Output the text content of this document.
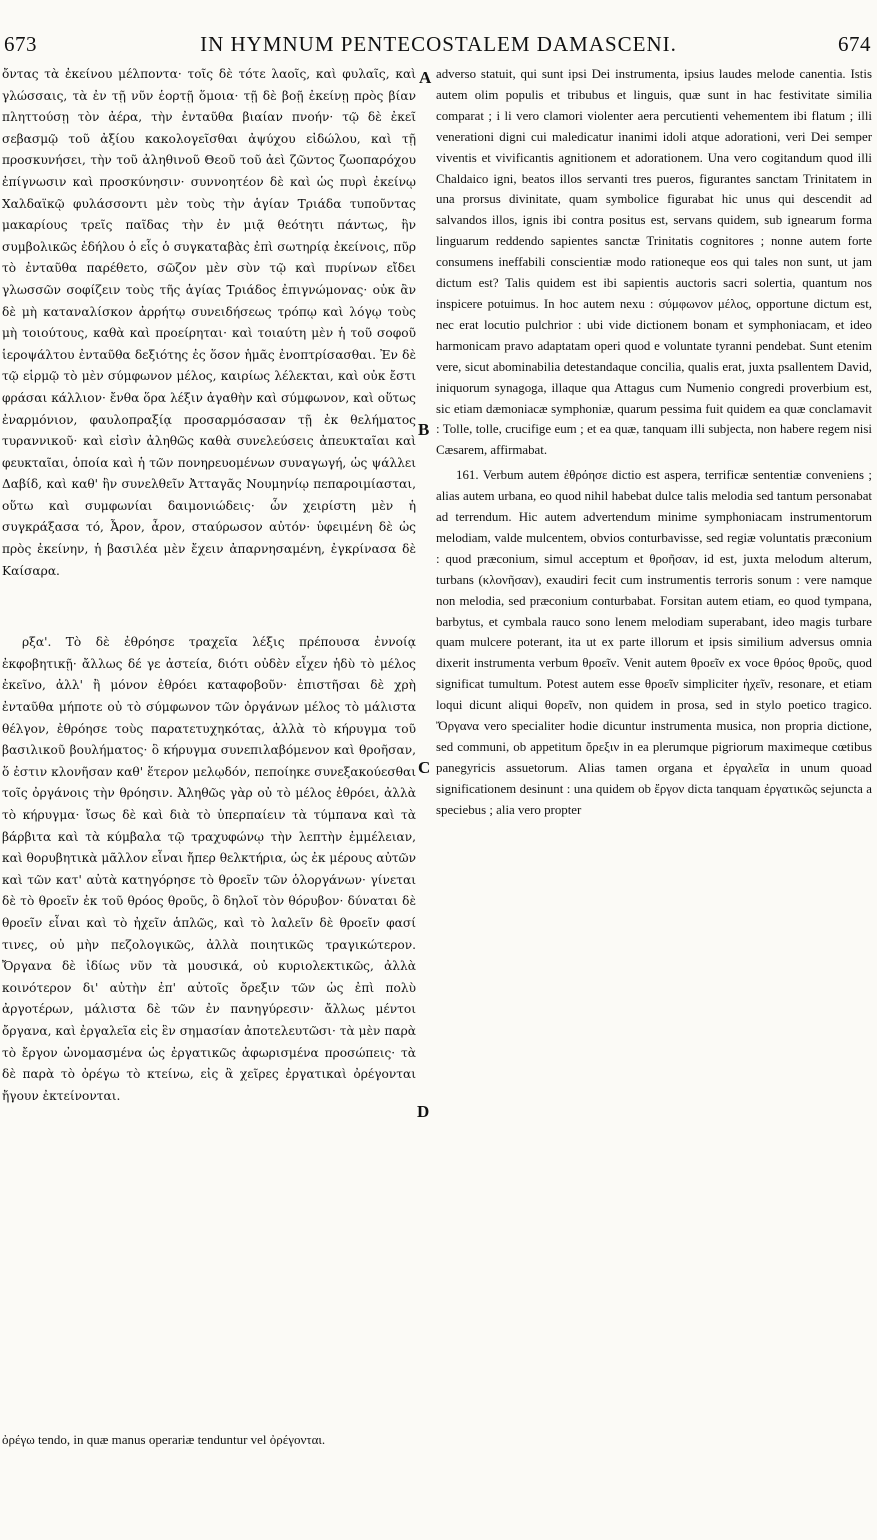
673	IN HYMNUM PENTECOSTALEM DAMASCENI.	674

ὄντας τὰ ἐκείνου μέλποντα· τοῖς δὲ τότε λαοῖς, καὶ φυλαῖς, καὶ γλώσσαις, τὰ ἐν τῇ νῦν ἑορτῇ ὅμοια· τῇ δὲ βοῇ ἐκείνῃ πρὸς βίαν πληττούσῃ τὸν ἀέρα, τὴν ἐνταῦθα βιαίαν πνοήν· τῷ δὲ ἐκεῖ σεβασμῷ τοῦ ἀξίου κακολογεῖσθαι ἀψύχου εἰδώλου, καὶ τῇ προσκυνήσει, τὴν τοῦ ἀληθινοῦ Θεοῦ τοῦ ἀεὶ ζῶντος ζωοπαρόχου ἐπίγνωσιν καὶ προσκύνησιν· συννοητέον δὲ καὶ ὡς πυρὶ ἐκείνῳ Χαλδαϊκῷ φυλάσσοντι μὲν τοὺς τὴν ἁγίαν Τριάδα τυποῦντας μακαρίους τρεῖς παῖδας τὴν ἐν μιᾷ θεότητι πάντως, ἣν συμβολικῶς ἐδήλου ὁ εἷς ὁ συγκαταβὰς ἐπὶ σωτηρίᾳ ἐκείνοις, πῦρ τὸ ἐνταῦθα παρέθετο, σῶζον μὲν σὺν τῷ καὶ πυρίνων εἴδει γλωσσῶν σοφίζειν τοὺς τῆς ἁγίας Τριάδος ἐπιγνώμονας· οὐκ ἂν δὲ μὴ καταναλίσκον ἀρρήτῳ συνειδήσεως τρόπῳ καὶ λόγῳ τοὺς μὴ τοιούτους, καθὰ καὶ προείρηται· καὶ τοιαύτη μὲν ἡ τοῦ σοφοῦ ἱεροψάλτου ἐνταῦθα δεξιότης ἐς ὅσον ἡμᾶς ἐνοπτρίσασθαι. Ἐν δὲ τῷ εἱρμῷ τὸ μὲν σύμφωνον μέλος, καιρίως λέλεκται, καὶ οὐκ ἔστι φράσαι κάλλιον· ἔνθα ὅρα λέξιν ἀγαθὴν καὶ σύμφωνον, καὶ οὕτως ἐναρμόνιον, φαυλοπραξίᾳ προσαρμόσασαν τῇ ἐκ θελήματος τυραννικοῦ· καὶ εἰσὶν ἀληθῶς καθὰ συνελεύσεις ἀπευκταῖαι καὶ φευκταῖαι, ὁποία καὶ ἡ τῶν πονηρευομένων συναγωγή, ὡς ψάλλει Δαβίδ, καὶ καθ' ἣν συνελθεῖν Ἀτταγᾶς Νουμηνίῳ πεπαροιμίασται, οὕτω καὶ συμφωνίαι δαιμονιώδεις· ὧν χειρίστη μὲν ἡ συγκράξασα τό, Ἆρον, ἆρον, σταύρωσον αὐτόν· ὑφειμένη δὲ ὡς πρὸς ἐκείνην, ἡ βασιλέα μὲν ἔχειν ἀπαρνησαμένη, ἐγκρίνασα δὲ Καίσαρα.

ρξα'. Τὸ δὲ ἐθρόησε τραχεῖα λέξις πρέπουσα ἐννοίᾳ ἐκφοβητικῇ· ἄλλως δέ γε ἀστεία, διότι οὐδὲν εἶχεν ἡδὺ τὸ μέλος ἐκεῖνο, ἀλλ' ἢ μόνον ἐθρόει καταφοβοῦν· ἐπιστῆσαι δὲ χρὴ ἐνταῦθα μήποτε οὐ τὸ σύμφωνον τῶν ὀργάνων μέλος τὸ μάλιστα θέλγον, ἐθρόησε τοὺς παρατετυχηκότας, ἀλλὰ τὸ κήρυγμα τοῦ βασιλικοῦ βουλήματος· ὃ κήρυγμα συνεπιλαβόμενον καὶ θροῆσαν, ὅ ἐστιν κλονῆσαν καθ' ἕτερον μελῳδόν, πεποίηκε συνεξακούεσθαι τοῖς ὀργάνοις τὴν θρόησιν. Ἀληθῶς γὰρ οὐ τὸ μέλος ἐθρόει, ἀλλὰ τὸ κήρυγμα· ἴσως δὲ καὶ διὰ τὸ ὑπερπαίειν τὰ τύμπανα καὶ τὰ βάρβιτα καὶ τὰ κύμβαλα τῷ τραχυφώνῳ τὴν λεπτὴν ἐμμέλειαν, καὶ θορυβητικὰ μᾶλλον εἶναι ἤπερ θελκτήρια, ὡς ἐκ μέρους αὐτῶν καὶ τῶν κατ' αὐτὰ κατηγόρησε τὸ θροεῖν τῶν ὁλοργάνων· γίνεται δὲ τὸ θροεῖν ἐκ τοῦ θρόος θροῦς, ὃ δηλοῖ τὸν θόρυβον· δύναται δὲ θροεῖν εἶναι καὶ τὸ ἠχεῖν ἁπλῶς, καὶ τὸ λαλεῖν δὲ θροεῖν φασί τινες, οὐ μὴν πεζολογικῶς, ἀλλὰ ποιητικῶς τραγικώτερον. Ὄργανα δὲ ἰδίως νῦν τὰ μουσικά, οὐ κυριολεκτικῶς, ἀλλὰ κοινότερον δι' αὐτὴν ἐπ' αὐτοῖς ὄρεξιν τῶν ὡς ἐπὶ πολὺ ἀργοτέρων, μάλιστα δὲ τῶν ἐν πανηγύρεσιν· ἄλλως μέντοι ὄργανα, καὶ ἐργαλεῖα εἰς ἓν σημασίαν ἀποτελευτῶσι· τὰ μὲν παρὰ τὸ ἔργον ὠνομασμένα ὡς ἐργατικῶς ἀφωρισμένα προσώπεις· τὰ δὲ παρὰ τὸ ὀρέγω τὸ κτείνω, εἰς ἃ χεῖρες ἐργατικαὶ ὀρέγονται ἤγουν ἐκτείνονται.

A
B
C
D

adverso statuit, qui sunt ipsi Dei instrumenta, ipsius laudes melode canentia. Istis autem olim populis et tribubus et linguis, quæ sunt in hac festivitate similia comparat ; i li vero clamori violenter aera percutienti vehementem ibi flatum ; illi venerationi digni cui maledicatur inanimi idoli atque adorationi, veri Dei semper viventis et vivificantis agnitionem et adorationem. Una vero cogitandum quod illi Chaldaico igni, beatos illos servanti tres pueros, figurantes sanctam Trinitatem in una prorsus divinitate, quam symbolice figurabat hic unus qui descendit ad salvandos illos, ignis ibi contra positus est, servans quidem, sub ignearum forma linguarum reddendo sapientes sanctæ Trinitatis cognitores ; nonne autem forte consumens ineffabili conscientiæ modo rationeque eos qui tales non sunt, ut jam dictum est? Talis quidem est ibi sapientis auctoris sacri solertia, quantum nos inspicere potuimus. In hoc autem nexu : σύμφωνον μέλος, opportune dictum est, nec erat locutio pulchrior : ubi vide dictionem bonam et symphoniacam, et ideo harmonicam pravo adaptatam operi quod e voluntate tyranni pendebat. Sunt etenim vere, sicut abominabilia detestandaque concilia, qualis erat, juxta psallentem David, iniquorum synagoga, illaque qua Attagus cum Numenio congredi proverbium est, sic etiam dæmoniacæ symphoniæ, quarum pessima fuit quidem ea quæ conclamavit : Tolle, tolle, crucifige eum ; et ea quæ, tanquam illi subjecta, non habere regem nisi Cæsarem, affirmabat.

161. Verbum autem ἐθρόησε dictio est aspera, terrificæ sententiæ conveniens ; alias autem urbana, eo quod nihil habebat dulce talis melodia sed tantum personabat ad terrendum. Hic autem advertendum minime symphoniacam instrumentorum melodiam, valde mulcentem, obvios conturbavisse, sed regiæ voluntatis præconium : quod præconium, simul acceptum et θροῆσαν, id est, juxta melodum alterum, turbans (κλονῆσαν), exaudiri fecit cum instrumentis terroris sonum : vere namque non melodia, sed præconium conturbabat. Forsitan autem etiam, eo quod tympana, barbytus, et cymbala rauco sono lenem melodiam superabant, ideo magis turbare quam mulcere poterant, ita ut ex parte illorum et ipsis similium adversus omnia dixerit instrumenta verbum θροεῖν. Venit autem θροεῖν ex voce θρόος θροῦς, quod significat tumultum. Potest autem esse θροεῖν simpliciter ἠχεῖν, resonare, et etiam loqui dicunt aliqui θορεῖν, non quidem in prosa, sed in stylo poetico tragico. Ὄργανα vero specialiter hodie dicuntur instrumenta musica, non propria dictione, sed communi, ob appetitum ὄρεξιν in ea plerumque pigriorum maximeque cœtibus panegyricis assuetorum. Alias tamen organa et ἐργαλεῖα in unum quoad significationem desinunt : una quidem ob ἔργον dicta tanquam ἐργατικῶς sejuncta a speciebus ; alia vero propter

ὀρέγω tendo, in quæ manus operariæ tenduntur vel ὀρέγονται.
